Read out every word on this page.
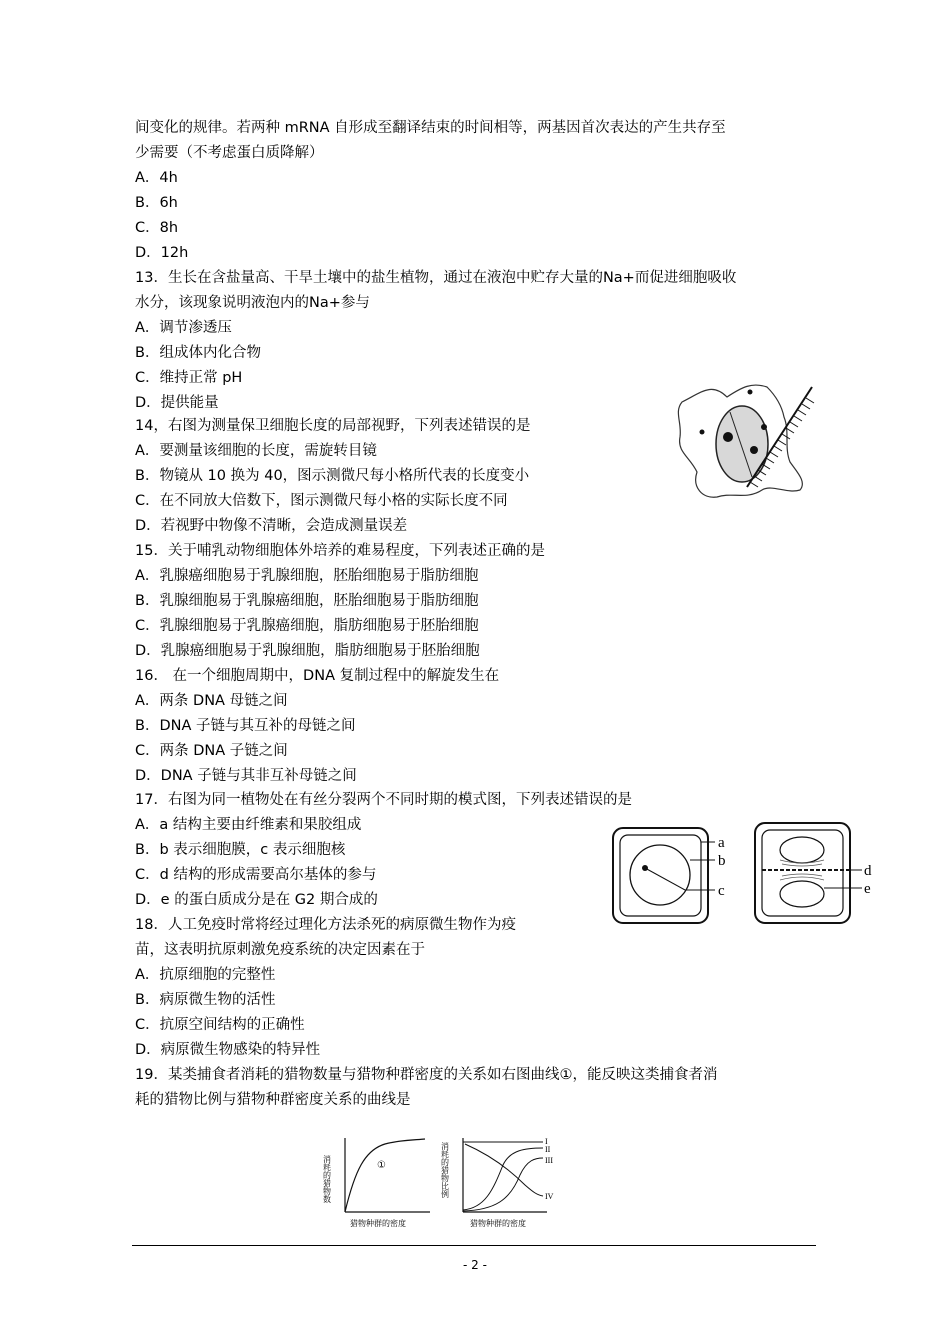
间变化的规律。若两种 mRNA 自形成至翻译结束的时间相等，两基因首次表达的产生共存至
少需要（不考虑蛋白质降解）
A．4h
B．6h
C．8h
D．12h
13．生长在含盐量高、干旱土壤中的盐生植物，通过在液泡中贮存大量的Na+而促进细胞吸收
水分，该现象说明液泡内的Na+参与
A．调节渗透压
B．组成体内化合物
C．维持正常 pH
D．提供能量
14，右图为测量保卫细胞长度的局部视野，下列表述错误的是
A．要测量该细胞的长度，需旋转目镜
B．物镜从 10 换为 40，图示测微尺每小格所代表的长度变小
C．在不同放大倍数下，图示测微尺每小格的实际长度不同
D．若视野中物像不清晰，会造成测量误差
15．关于哺乳动物细胞体外培养的难易程度，下列表述正确的是
A．乳腺癌细胞易于乳腺细胞，胚胎细胞易于脂肪细胞
B．乳腺细胞易于乳腺癌细胞，胚胎细胞易于脂肪细胞
C．乳腺细胞易于乳腺癌细胞，脂肪细胞易于胚胎细胞
D．乳腺癌细胞易于乳腺细胞，脂肪细胞易于胚胎细胞
16． 在一个细胞周期中，DNA 复制过程中的解旋发生在
A．两条 DNA 母链之间
B．DNA 子链与其互补的母链之间
C．两条 DNA 子链之间
D．DNA 子链与其非互补母链之间
17．右图为同一植物处在有丝分裂两个不同时期的模式图，下列表述错误的是
A．a 结构主要由纤维素和果胶组成
B．b 表示细胞膜，c 表示细胞核
C．d 结构的形成需要高尔基体的参与
D．e 的蛋白质成分是在 G2 期合成的
18．人工免疫时常将经过理化方法杀死的病原微生物作为疫
苗，这表明抗原刺激免疫系统的决定因素在于
A．抗原细胞的完整性
B．病原微生物的活性
C．抗原空间结构的正确性
D．病原微生物感染的特异性
19．某类捕食者消耗的猎物数量与猎物种群密度的关系如右图曲线①，能反映这类捕食者消
耗的猎物比例与猎物种群密度关系的曲线是
a
b
c
d
e
①
消耗的猎物数
猎物种群的密度
I
II
III
IV
消耗的猎物比例
猎物种群的密度
- 2 -
